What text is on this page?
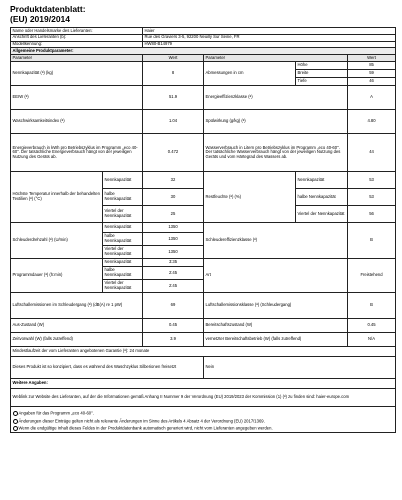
Produktdatenblatt:
(EU) 2019/2014
Name oder Handelsmarke des Lieferanten:		Haier			
Anschrift des Lieferanten (b):		Rue des Graviers 3-5, 92200 Neuilly Sur Seine, FR			
Modellkennung:		HW80-B14979			
Allgemeine Produktparameter:					
Parameter		Wert	Parameter		Wert
Nennkapazität (ª) (kg)		8	Abmessungen in cm	Höhe	85
				Breite	59
				Tiefe	46
EEIW (ª)		51.9	Energieeffizienzklasse (ª)		A
Waschwirksamkeitsindex (ª)		1.04	Spülwirkung (g/kg) (ª)		4.80
Energieverbrauch in kWh pro Betriebszyklus im Programm „eco 40-60". Der tatsächliche Energieverbrauch hängt von der jeweiligen Nutzung des Geräts ab.		0.472	Wasserverbrauch in Litern pro Betriebszyklus im Programm „eco 40-60". Der tatsächliche Wasserverbrauch hängt von der jeweiligen Nutzung des Geräts und vom Härtegrad des Wassers ab.		44
Höchste Temperatur innerhalb der behandelten Textilien (ª) (°C)	Nennkapazität	32	Restfeuchte (ª) (%)	Nennkapazität	53
	halbe Nennkapazität	30		halbe Nennkapazität	53
	Viertel der Nennkapazität	25		Viertel der Nennkapazität	56
Schleuderdrehzahl (ª) (U/min)	Nennkapazität	1350	Schleudereffizienzklasse (ª)		B
	halbe Nennkapazität	1350			
	Viertel der Nennkapazität	1350			
Programmdauer (ª) (h:min)	Nennkapazität	3:35	Art		Freistehend
	halbe Nennkapazität	2:45			
	Viertel der Nennkapazität	2:45			
Luftschallemissionen im Schleudergang (ª) (dB(A) re 1 pW)		69	Luftschallemissionsklasse (ª) (Schleudergang)		B
Aus-Zustand (W)		0.45	Bereitschaftszustand (W)		0.45
Zeitvorwahl (W) (falls zutreffend)		3.9	vernetzter Bereitschaftsbetrieb (W) (falls zutreffend)		N/A
Mindestlaufzeit der vom Lieferanten angebotenen Garantie (ª): 24 monate					
Dieses Produkt ist so konzipiert, dass es während des Waschzyklus Silberionen freisetzt			Nein		
Weitere Angaben:					
Weblink zur Website des Lieferanten, auf der die Informationen gemäß Anhang II Nummer 9 der Verordnung (EU) 2019/2023 der Kommission (1) (ª) zu finden sind: haier-europe.com					

Angaben für das Programm „eco 40-60".
Änderungen dieser Einträge gelten nicht als relevante Änderungen im Sinne des Artikels 4 Absatz 4 der Verordnung (EU) 2017/1369.
Wenn die endgültige Inhalt dieses Feldes in der Produktdatenbank automatisch generiert wird, nicht vom Lieferanten angegeben werden.					
